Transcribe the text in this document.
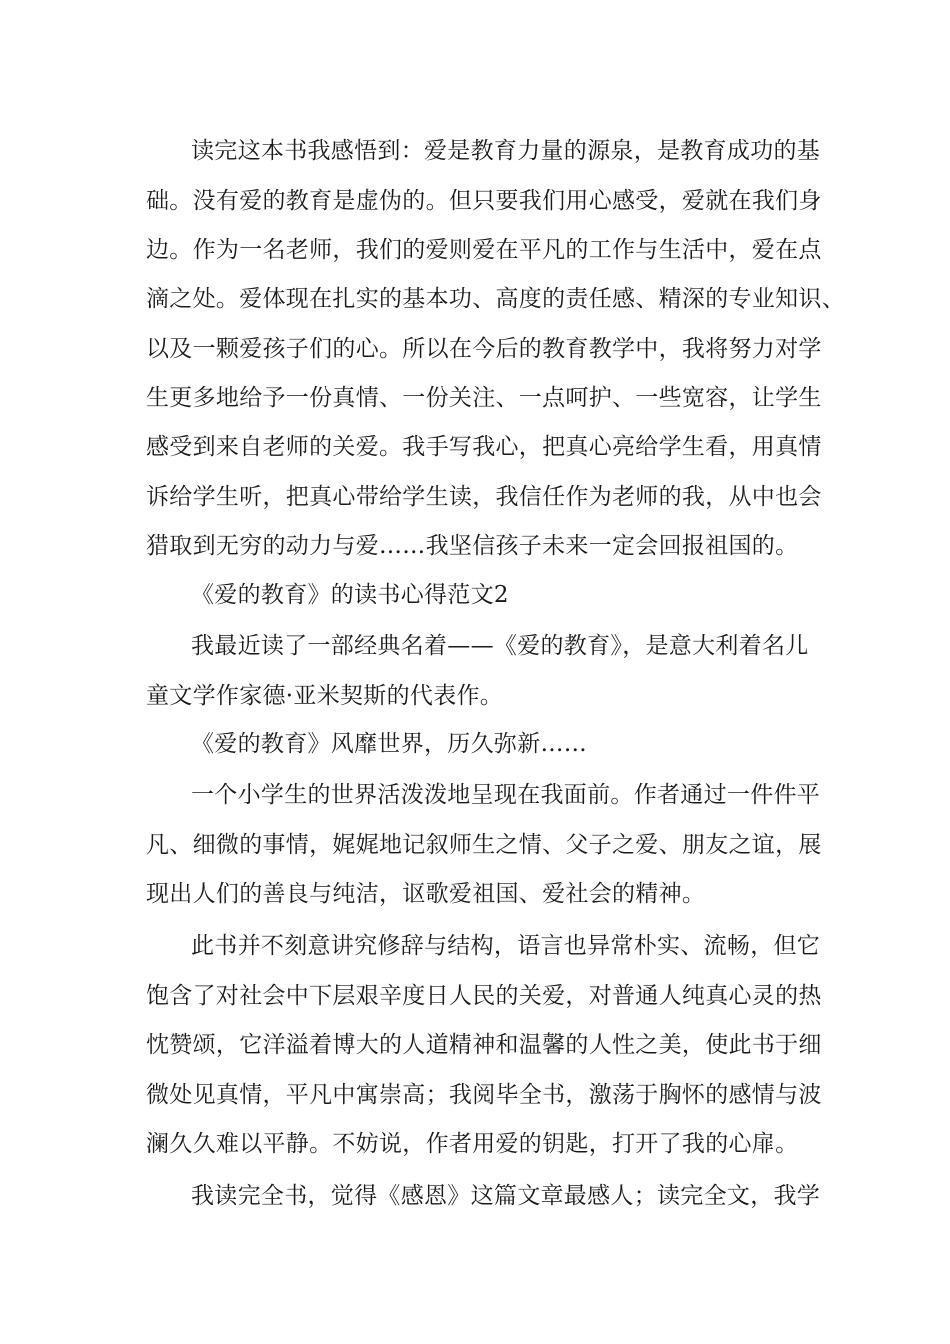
读完这本书我感悟到：爱是教育力量的源泉，是教育成功的基
础。没有爱的教育是虚伪的。但只要我们用心感受，爱就在我们身
边。作为一名老师，我们的爱则爱在平凡的工作与生活中，爱在点
滴之处。爱体现在扎实的基本功、高度的责任感、精深的专业知识、
以及一颗爱孩子们的心。所以在今后的教育教学中，我将努力对学
生更多地给予一份真情、一份关注、一点呵护、一些宽容，让学生
感受到来自老师的关爱。我手写我心，把真心亮给学生看，用真情
诉给学生听，把真心带给学生读，我信任作为老师的我，从中也会
猎取到无穷的动力与爱……我坚信孩子未来一定会回报祖国的。
《爱的教育》的读书心得范文2
我最近读了一部经典名着——《爱的教育》，是意大利着名儿
童文学作家德·亚米契斯的代表作。
《爱的教育》风靡世界，历久弥新……
一个小学生的世界活泼泼地呈现在我面前。作者通过一件件平
凡、细微的事情，娓娓地记叙师生之情、父子之爱、朋友之谊，展
现出人们的善良与纯洁，讴歌爱祖国、爱社会的精神。
此书并不刻意讲究修辞与结构，语言也异常朴实、流畅，但它
饱含了对社会中下层艰辛度日人民的关爱，对普通人纯真心灵的热
忱赞颂，它洋溢着博大的人道精神和温馨的人性之美，使此书于细
微处见真情，平凡中寓崇高；我阅毕全书，激荡于胸怀的感情与波
澜久久难以平静。不妨说，作者用爱的钥匙，打开了我的心扉。
我读完全书，觉得《感恩》这篇文章最感人；读完全文，我学
